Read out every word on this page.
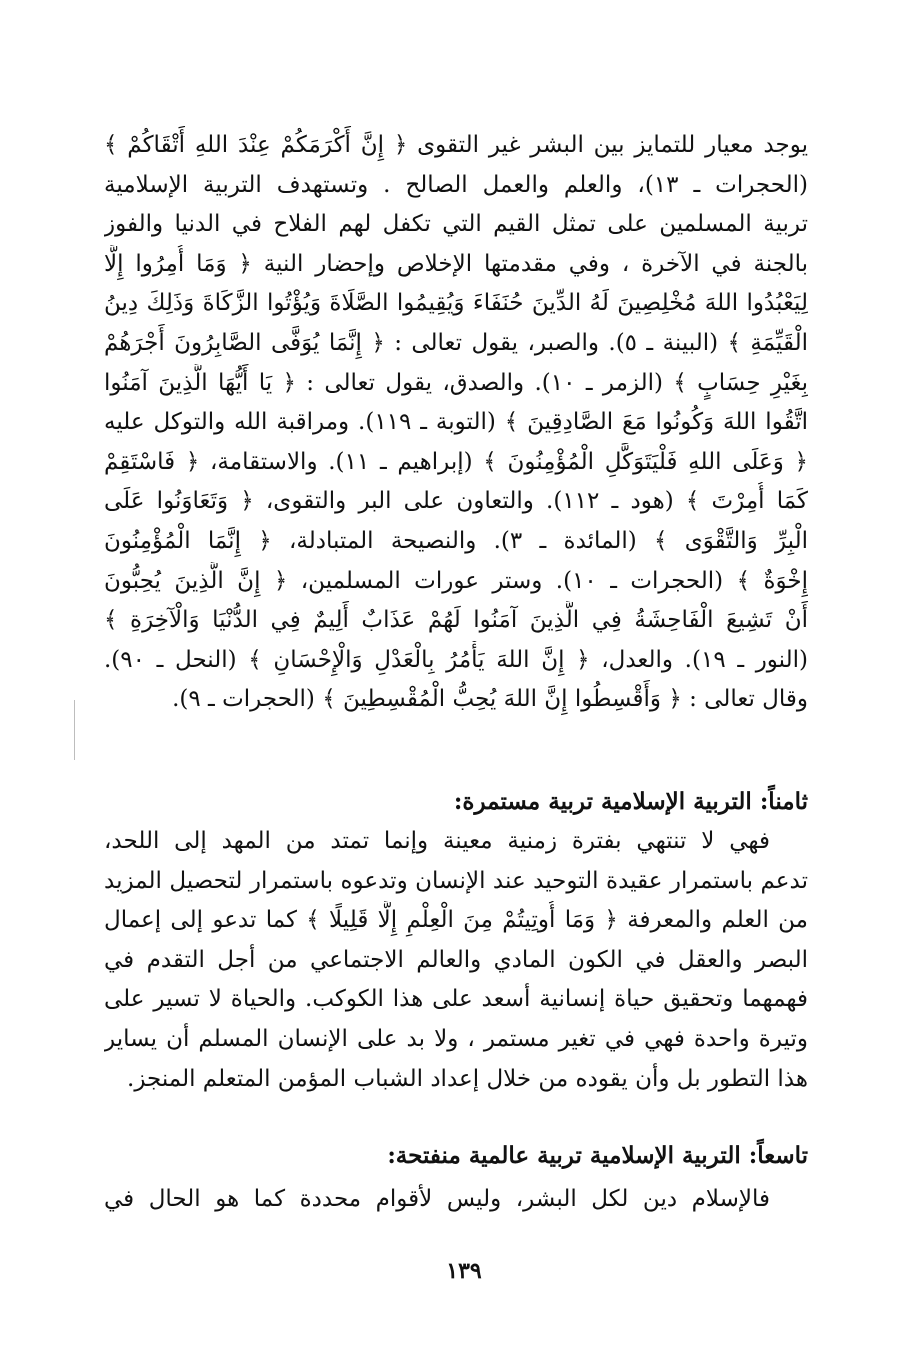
يوجد معيار للتمايز بين البشر غير التقوى ﴿ إِنَّ أَكْرَمَكُمْ عِنْدَ اللهِ أَتْقَاكُمْ ﴾
(الحجرات ـ ١٣)، والعلم والعمل الصالح . وتستهدف التربية الإسلامية
تربية المسلمين على تمثل القيم التي تكفل لهم الفلاح في الدنيا والفوز
بالجنة في الآخرة ، وفي مقدمتها الإخلاص وإحضار النية ﴿ وَمَا أُمِرُوا إِلَّا
لِيَعْبُدُوا اللهَ مُخْلِصِينَ لَهُ الدِّينَ حُنَفَاءَ وَيُقِيمُوا الصَّلَاةَ وَيُؤْتُوا الزَّكَاةَ وَذَلِكَ دِينُ
الْقَيِّمَةِ ﴾ (البينة ـ ٥). والصبر، يقول تعالى : ﴿ إِنَّمَا يُوَفَّى الصَّابِرُونَ أَجْرَهُمْ
بِغَيْرِ حِسَابٍ ﴾ (الزمر ـ ١٠). والصدق، يقول تعالى : ﴿ يَا أَيُّهَا الَّذِينَ آمَنُوا
اتَّقُوا اللهَ وَكُونُوا مَعَ الصَّادِقِينَ ﴾ (التوبة ـ ١١٩). ومراقبة الله والتوكل عليه
﴿ وَعَلَى اللهِ فَلْيَتَوَكَّلِ الْمُؤْمِنُونَ ﴾ (إبراهيم ـ ١١). والاستقامة، ﴿ فَاسْتَقِمْ
كَمَا أُمِرْتَ ﴾ (هود ـ ١١٢). والتعاون على البر والتقوى، ﴿ وَتَعَاوَنُوا عَلَى
الْبِرِّ وَالتَّقْوَى ﴾ (المائدة ـ ٣). والنصيحة المتبادلة، ﴿ إِنَّمَا الْمُؤْمِنُونَ
إِخْوَةٌ ﴾ (الحجرات ـ ١٠). وستر عورات المسلمين، ﴿ إِنَّ الَّذِينَ يُحِبُّونَ
أَنْ تَشِيعَ الْفَاحِشَةُ فِي الَّذِينَ آمَنُوا لَهُمْ عَذَابٌ أَلِيمٌ فِي الدُّنْيَا وَالْآخِرَةِ ﴾
(النور ـ ١٩). والعدل، ﴿ إِنَّ اللهَ يَأْمُرُ بِالْعَدْلِ وَالْإِحْسَانِ ﴾ (النحل ـ ٩٠).
وقال تعالى : ﴿ وَأَقْسِطُوا إِنَّ اللهَ يُحِبُّ الْمُقْسِطِينَ ﴾ (الحجرات ـ ٩).
ثامناً: التربية الإسلامية تربية مستمرة:
فهي لا تنتهي بفترة زمنية معينة وإنما تمتد من المهد إلى اللحد،
تدعم باستمرار عقيدة التوحيد عند الإنسان وتدعوه باستمرار لتحصيل المزيد
من العلم والمعرفة ﴿ وَمَا أُوتِيتُمْ مِنَ الْعِلْمِ إِلَّا قَلِيلًا ﴾ كما تدعو إلى إعمال
البصر والعقل في الكون المادي والعالم الاجتماعي من أجل التقدم في
فهمهما وتحقيق حياة إنسانية أسعد على هذا الكوكب. والحياة لا تسير على
وتيرة واحدة فهي في تغير مستمر ، ولا بد على الإنسان المسلم أن يساير
هذا التطور بل وأن يقوده من خلال إعداد الشباب المؤمن المتعلم المنجز.
تاسعاً: التربية الإسلامية تربية عالمية منفتحة:
فالإسلام دين لكل البشر، وليس لأقوام محددة كما هو الحال في
١٣٩
